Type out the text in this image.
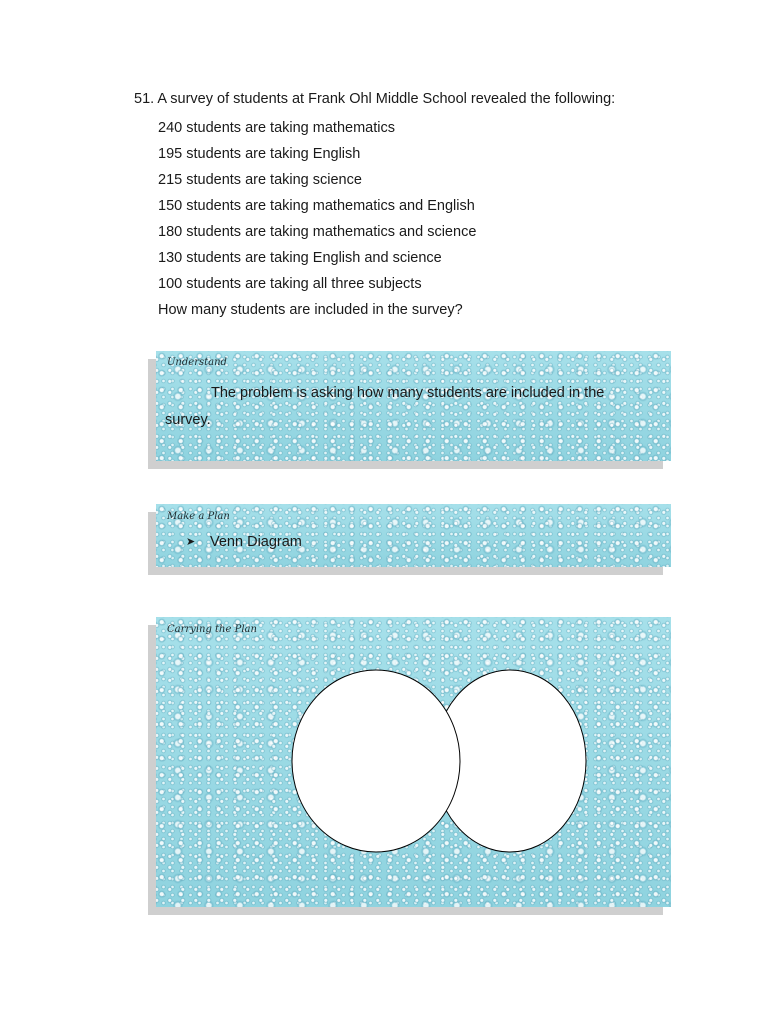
51. A survey of students at Frank Ohl Middle School revealed the following:
240 students are taking mathematics
195 students are taking English
215 students are taking science
150 students are taking mathematics and English
180 students are taking mathematics and science
130 students are taking English and science
100 students are taking all three subjects
How many students are included in the survey?
Understand
The problem is asking how many students are included in the survey.
Make a Plan
➤ Venn Diagram
Carrying the Plan
